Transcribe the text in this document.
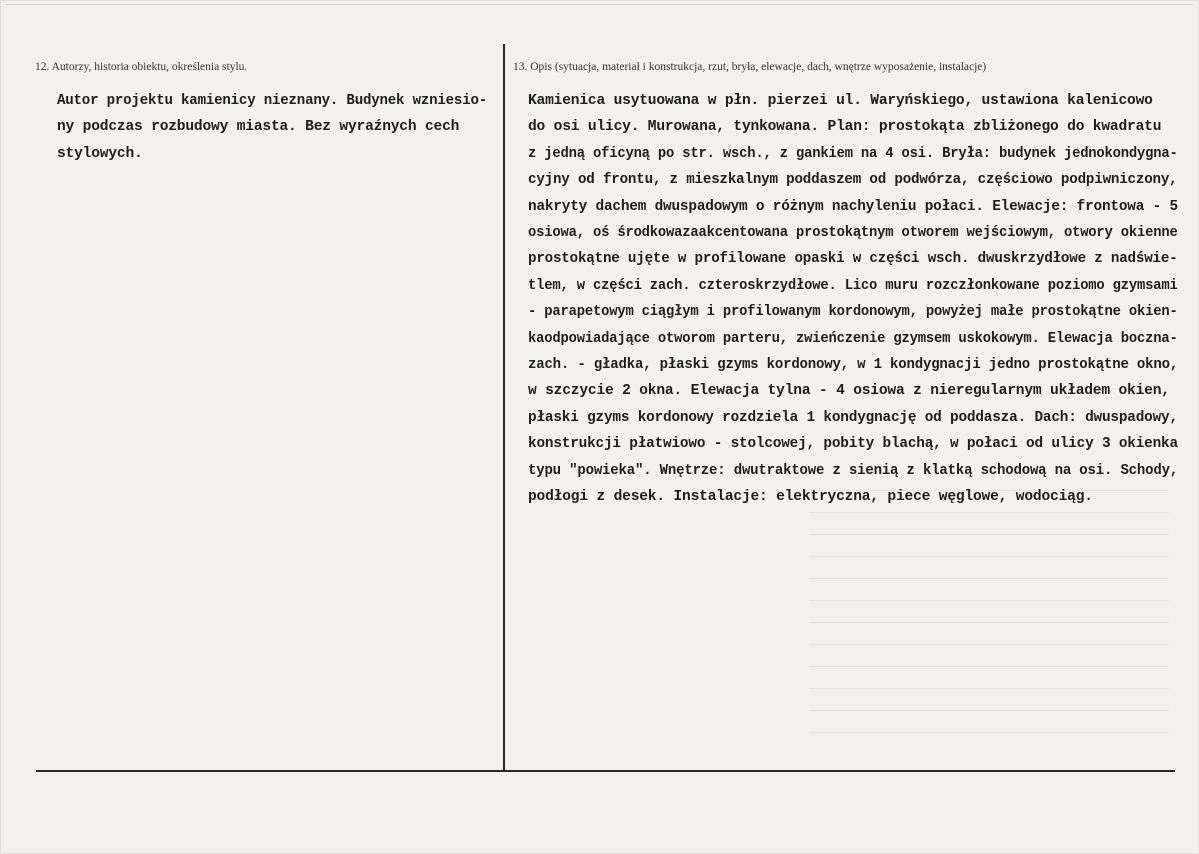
12. Autorzy, historia obiektu, określenia stylu.	13. Opis (sytuacja, materiał i konstrukcja, rzut, bryła, elewacje, dach, wnętrze wyposażenie, instalacje)
Autor projektu kamienicy nieznany. Budynek wzniesio-
ny podczas rozbudowy miasta. Bez wyraźnych cech
stylowych.
Kamienica usytuowana w płn. pierzei ul. Waryńskiego, ustawiona kalenicowo
do osi ulicy. Murowana, tynkowana. Plan: prostokąta zbliżonego do kwadratu
z jedną oficyną po str. wsch., z gankiem na 4 osi. Bryła: budynek jednokondygna-
cyjny od frontu, z mieszkalnym poddaszem od podwórza, częściowo podpiwniczony,
nakryty dachem dwuspadowym o różnym nachyleniu połaci. Elewacje: frontowa - 5
osiowa, oś środkowazaakcentowana prostokątnym otworem wejściowym, otwory okienne
prostokątne ujęte w profilowane opaski w części wsch. dwuskrzydłowe z nadświe-
tlem, w części zach. czteroskrzydłowe. Lico muru rozczłonkowane poziomo gzymsami
- parapetowym ciągłym i profilowanym kordonowym, powyżej małe prostokątne okien-
kaodpowiadające otworom parteru, zwieńczenie gzymsem uskokowym. Elewacja boczna-
zach. - gładka, płaski gzyms kordonowy, w 1 kondygnacji jedno prostokątne okno,
w szczycie 2 okna. Elewacja tylna - 4 osiowa z nieregularnym układem okien,
płaski gzyms kordonowy rozdziela 1 kondygnację od poddasza. Dach: dwuspadowy,
konstrukcji płatwiowo - stolcowej, pobity blachą, w połaci od ulicy 3 okienka
typu "powieka". Wnętrze: dwutraktowe z sienią z klatką schodową na osi. Schody,
podłogi z desek. Instalacje: elektryczna, piece węglowe, wodociąg.
